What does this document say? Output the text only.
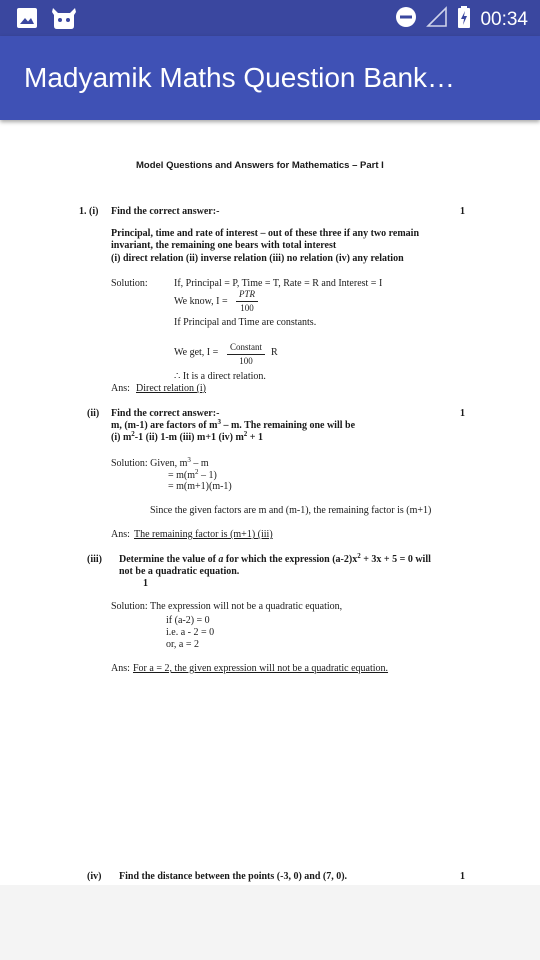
00:34
Madyamik Maths Question Bank…
Model Questions and Answers for Mathematics – Part I
1. (i) Find the correct answer:-	1
Principal, time and rate of interest – out of these three if any two remain
invariant, the remaining one bears with total interest
(i) direct relation (ii) inverse relation (iii) no relation (iv) any relation
Solution:	If, Principal = P, Time = T, Rate = R and Interest = I
We know, I =
PTR
100
If Principal and Time are constants.
We get, I = Constant
100
R
∴ It is a direct relation.
Ans: Direct relation (i)
(ii) Find the correct answer:-	1
m, (m-1) are factors of $m^3$ – m. The remaining one will be
(i) $m^2-1$ (ii) 1-m (iii) m+1 (iv) $m^2 + 1$
Solution: Given, $m^3$ – m
= $m(m^2 - 1)$
= m(m+1)(m-1)
Since the given factors are m and (m-1), the remaining factor is (m+1)
Ans: The remaining factor is (m+1) (iii)
(iii) Determine the value of a for which the expression $(a-2)x^2 + 3x + 5 = 0$ will
not be a quadratic equation.
1
Solution: The expression will not be a quadratic equation,
if (a-2) = 0
i.e. a - 2 = 0
or, a = 2
Ans: For a = 2, the given expression will not be a quadratic equation.
(iv) Find the distance between the points (-3, 0) and (7, 0).	1
